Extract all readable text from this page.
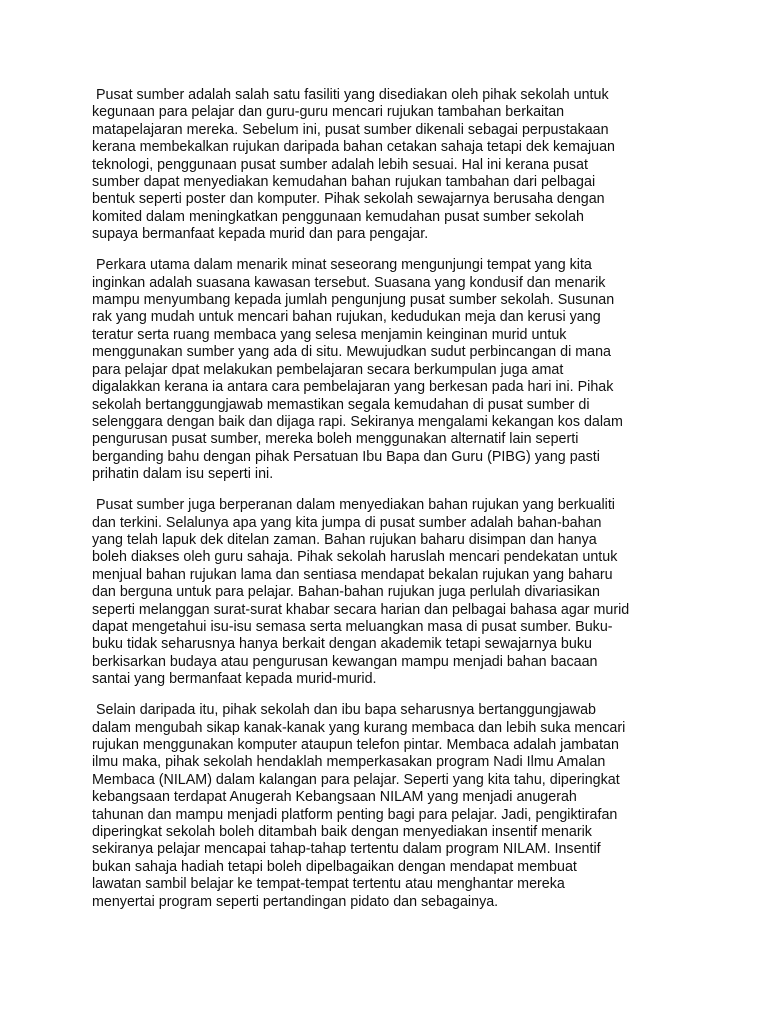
Pusat sumber adalah salah satu fasiliti yang disediakan oleh pihak sekolah untuk
kegunaan para pelajar dan guru-guru mencari rujukan tambahan berkaitan
matapelajaran mereka. Sebelum ini, pusat sumber dikenali sebagai perpustakaan
kerana membekalkan rujukan daripada bahan cetakan sahaja tetapi dek kemajuan
teknologi, penggunaan pusat sumber adalah lebih sesuai. Hal ini kerana pusat
sumber dapat menyediakan kemudahan bahan rujukan tambahan dari pelbagai
bentuk seperti poster dan komputer. Pihak sekolah sewajarnya berusaha dengan
komited dalam meningkatkan penggunaan kemudahan pusat sumber sekolah
supaya bermanfaat kepada murid dan para pengajar.

Perkara utama dalam menarik minat seseorang mengunjungi tempat yang kita
inginkan adalah suasana kawasan tersebut. Suasana yang kondusif dan menarik
mampu menyumbang kepada jumlah pengunjung pusat sumber sekolah. Susunan
rak yang mudah untuk mencari bahan rujukan, kedudukan meja dan kerusi yang
teratur serta ruang membaca yang selesa menjamin keinginan murid untuk
menggunakan sumber yang ada di situ. Mewujudkan sudut perbincangan di mana
para pelajar dpat melakukan pembelajaran secara berkumpulan juga amat
digalakkan kerana ia antara cara pembelajaran yang berkesan pada hari ini. Pihak
sekolah bertanggungjawab memastikan segala kemudahan di pusat sumber di
selenggara dengan baik dan dijaga rapi. Sekiranya mengalami kekangan kos dalam
pengurusan pusat sumber, mereka boleh menggunakan alternatif lain seperti
berganding bahu dengan pihak Persatuan Ibu Bapa dan Guru (PIBG) yang pasti
prihatin dalam isu seperti ini.

Pusat sumber juga berperanan dalam menyediakan bahan rujukan yang berkualiti
dan terkini. Selalunya apa yang kita jumpa di pusat sumber adalah bahan-bahan
yang telah lapuk dek ditelan zaman. Bahan rujukan baharu disimpan dan hanya
boleh diakses oleh guru sahaja. Pihak sekolah haruslah mencari pendekatan untuk
menjual bahan rujukan lama dan sentiasa mendapat bekalan rujukan yang baharu
dan berguna untuk para pelajar. Bahan-bahan rujukan juga perlulah divariasikan
seperti melanggan surat-surat khabar secara harian dan pelbagai bahasa agar murid
dapat mengetahui isu-isu semasa serta meluangkan masa di pusat sumber. Buku-
buku tidak seharusnya hanya berkait dengan akademik tetapi sewajarnya buku
berkisarkan budaya atau pengurusan kewangan mampu menjadi bahan bacaan
santai yang bermanfaat kepada murid-murid.

Selain daripada itu, pihak sekolah dan ibu bapa seharusnya bertanggungjawab
dalam mengubah sikap kanak-kanak yang kurang membaca dan lebih suka mencari
rujukan menggunakan komputer ataupun telefon pintar. Membaca adalah jambatan
ilmu maka, pihak sekolah hendaklah memperkasakan program Nadi Ilmu Amalan
Membaca (NILAM) dalam kalangan para pelajar. Seperti yang kita tahu, diperingkat
kebangsaan terdapat Anugerah Kebangsaan NILAM yang menjadi anugerah
tahunan dan mampu menjadi platform penting bagi para pelajar. Jadi, pengiktirafan
diperingkat sekolah boleh ditambah baik dengan menyediakan insentif menarik
sekiranya pelajar mencapai tahap-tahap tertentu dalam program NILAM. Insentif
bukan sahaja hadiah tetapi boleh dipelbagaikan dengan mendapat membuat
lawatan sambil belajar ke tempat-tempat tertentu atau menghantar mereka
menyertai program seperti pertandingan pidato dan sebagainya.
